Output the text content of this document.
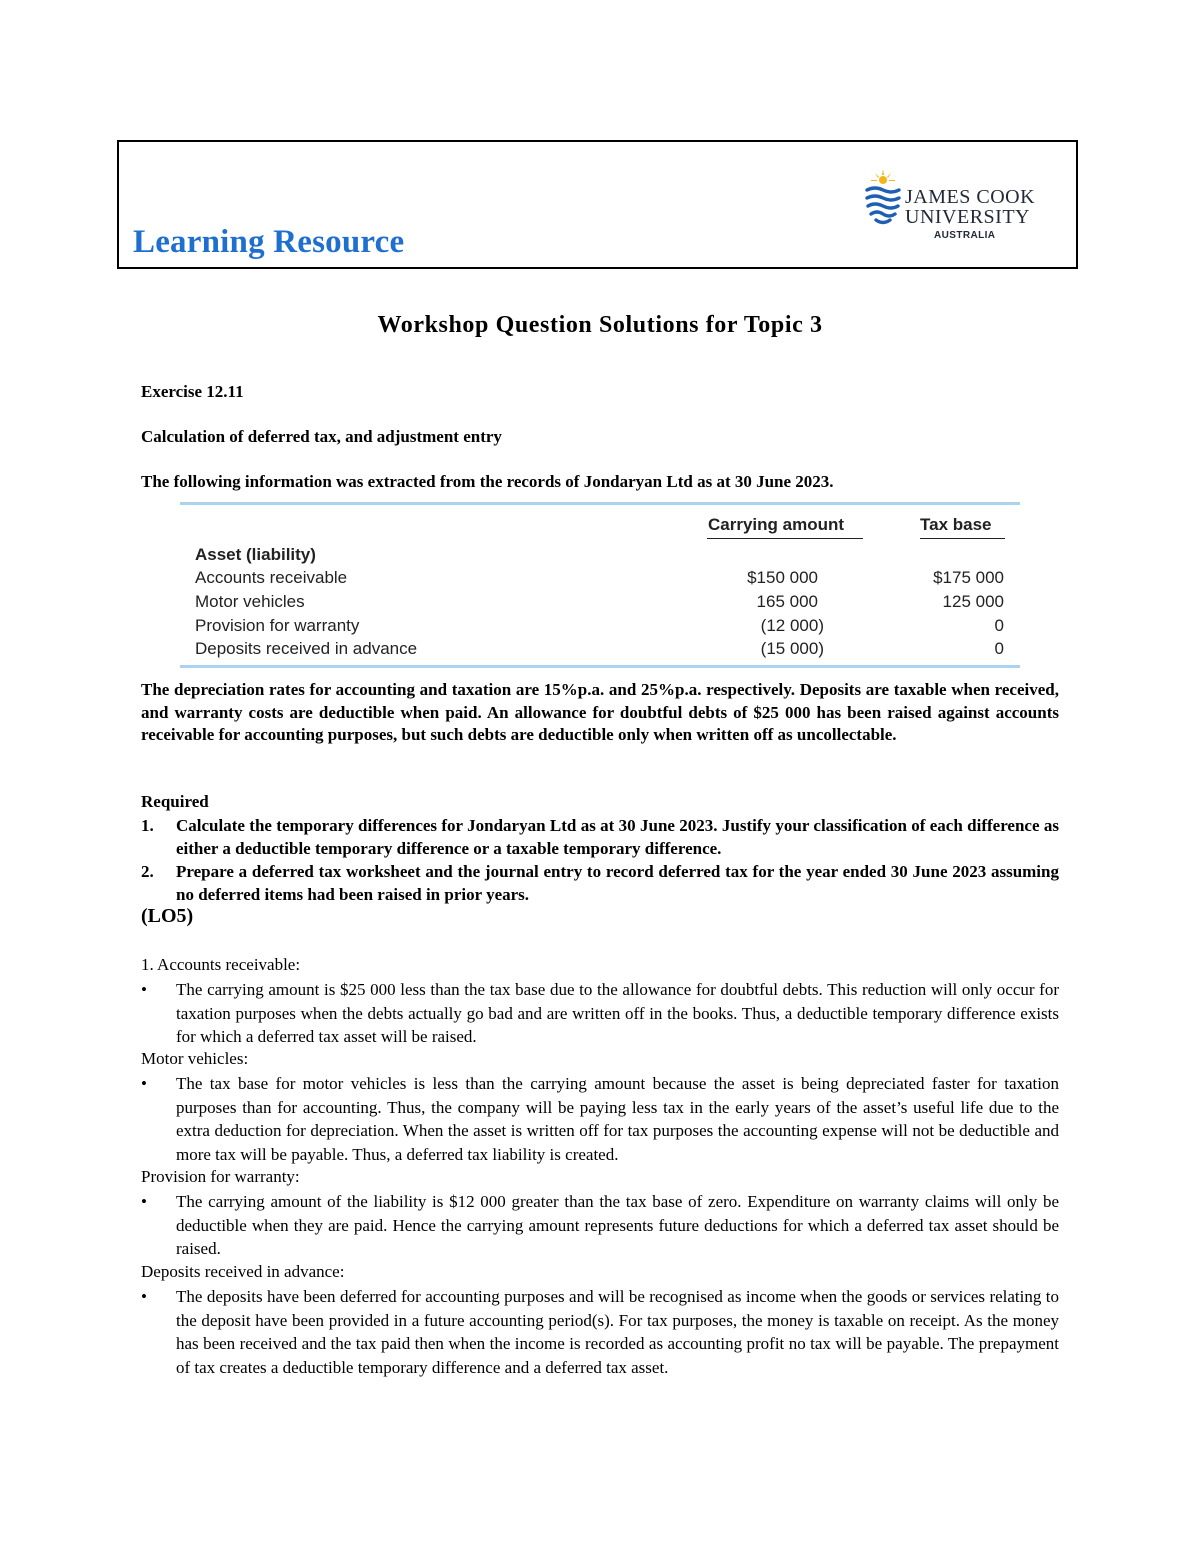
Learning Resource
JAMES COOK
UNIVERSITY
AUSTRALIA
Workshop Question Solutions for Topic 3
Exercise 12.11
Calculation of deferred tax, and adjustment entry
The following information was extracted from the records of Jondaryan Ltd as at 30 June 2023.
Carrying amount	Tax base
Asset (liability)
Accounts receivable	$150 000	$175 000
Motor vehicles	165 000	125 000
Provision for warranty	(12 000)	0
Deposits received in advance	(15 000)	0
The depreciation rates for accounting and taxation are 15%p.a. and 25%p.a. respectively. Deposits are taxable when received, and warranty costs are deductible when paid. An allowance for doubtful debts of $25 000 has been raised against accounts receivable for accounting purposes, but such debts are deductible only when written off as uncollectable.
Required
1. Calculate the temporary differences for Jondaryan Ltd as at 30 June 2023. Justify your classification of each difference as either a deductible temporary difference or a taxable temporary difference.
2. Prepare a deferred tax worksheet and the journal entry to record deferred tax for the year ended 30 June 2023 assuming no deferred items had been raised in prior years.
(LO5)
1. Accounts receivable:
• The carrying amount is $25 000 less than the tax base due to the allowance for doubtful debts. This reduction will only occur for taxation purposes when the debts actually go bad and are written off in the books. Thus, a deductible temporary difference exists for which a deferred tax asset will be raised.
Motor vehicles:
• The tax base for motor vehicles is less than the carrying amount because the asset is being depreciated faster for taxation purposes than for accounting. Thus, the company will be paying less tax in the early years of the asset’s useful life due to the extra deduction for depreciation. When the asset is written off for tax purposes the accounting expense will not be deductible and more tax will be payable. Thus, a deferred tax liability is created.
Provision for warranty:
• The carrying amount of the liability is $12 000 greater than the tax base of zero. Expenditure on warranty claims will only be deductible when they are paid. Hence the carrying amount represents future deductions for which a deferred tax asset should be raised.
Deposits received in advance:
• The deposits have been deferred for accounting purposes and will be recognised as income when the goods or services relating to the deposit have been provided in a future accounting period(s). For tax purposes, the money is taxable on receipt. As the money has been received and the tax paid then when the income is recorded as accounting profit no tax will be payable. The prepayment of tax creates a deductible temporary difference and a deferred tax asset.
